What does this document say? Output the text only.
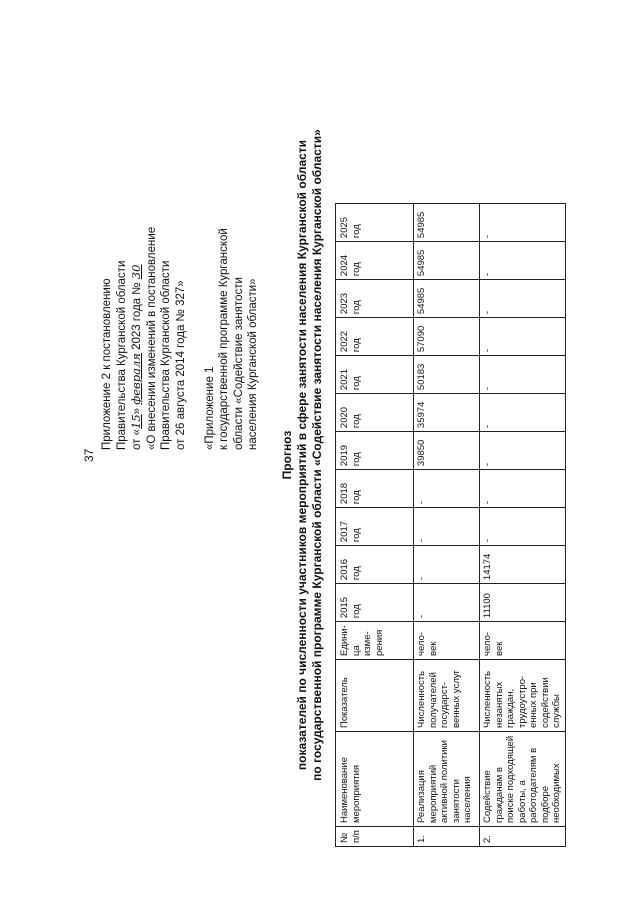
37
Приложение 2 к постановлению Правительства Курганской области от «15» февраля 2023 года № 30 «О внесении изменений в постановление Правительства Курганской области от 26 августа 2014 года № 327» «Приложение 1 к государственной программе Курганской области «Содействие занятости населения Курганской области»
Прогноз показателей по численности участников мероприятий в сфере занятости населения Курганской области по государственной программе Курганской области «Содействие занятости населения Курганской области»
№ п/п	Наименование мероприятия	Показатель	Едини-ца изме-рения	2015 год	2016 год	2017 год	2018 год	2019 год	2020 год	2021 год	2022 год	2023 год	2024 год	2025 год
1.	Реализация мероприятий активной политики занятости населения	Численность получателей государст-венных услуг	чело-век	-	-	-	-	39850	35974	50183	57090	54985	54985	54985
2.	Содействие гражданам в поиске подходящей работы, а работодателям в подборе необходимых	Численность незанятых граждан, трудоустро-енных при содействии службы	чело-век	11100	14174	-	-	-	-	-	-	-	-	-
